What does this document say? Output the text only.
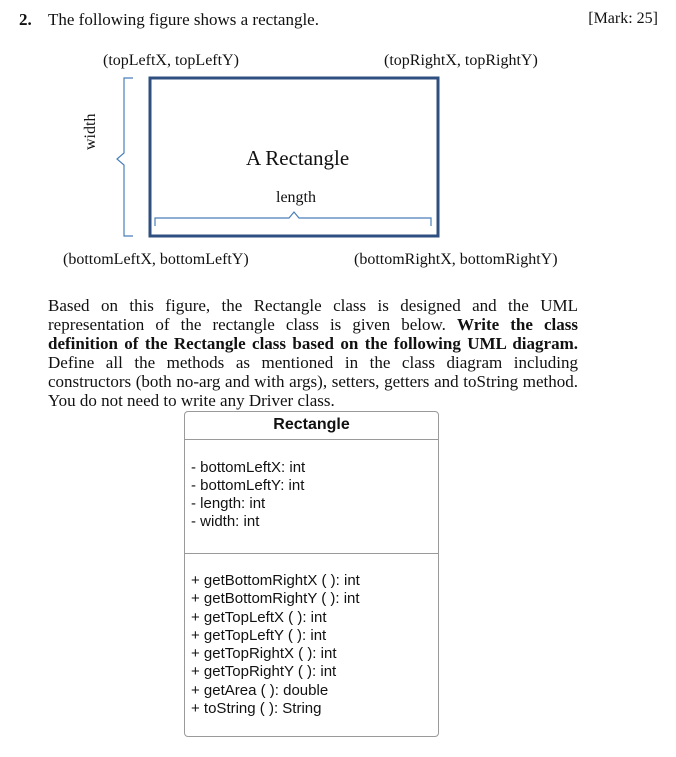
2. The following figure shows a rectangle.	[Mark: 25]
(topLeftX, topLeftY)	(topRightX, topRightY)
(bottomLeftX, bottomLeftY)	(bottomRightX, bottomRightY)
A Rectangle
length
width

Based on this figure, the Rectangle class is designed and the UML representation of the rectangle class is given below. Write the class definition of the Rectangle class based on the following UML diagram. Define all the methods as mentioned in the class diagram including constructors (both no-arg and with args), setters, getters and toString method. You do not need to write any Driver class.

Rectangle
- bottomLeftX: int
- bottomLeftY: int
- length: int
- width: int
+ getBottomRightX ( ): int
+ getBottomRightY ( ): int
+ getTopLeftX ( ): int
+ getTopLeftY ( ): int
+ getTopRightX ( ): int
+ getTopRightY ( ): int
+ getArea ( ): double
+ toString ( ): String
